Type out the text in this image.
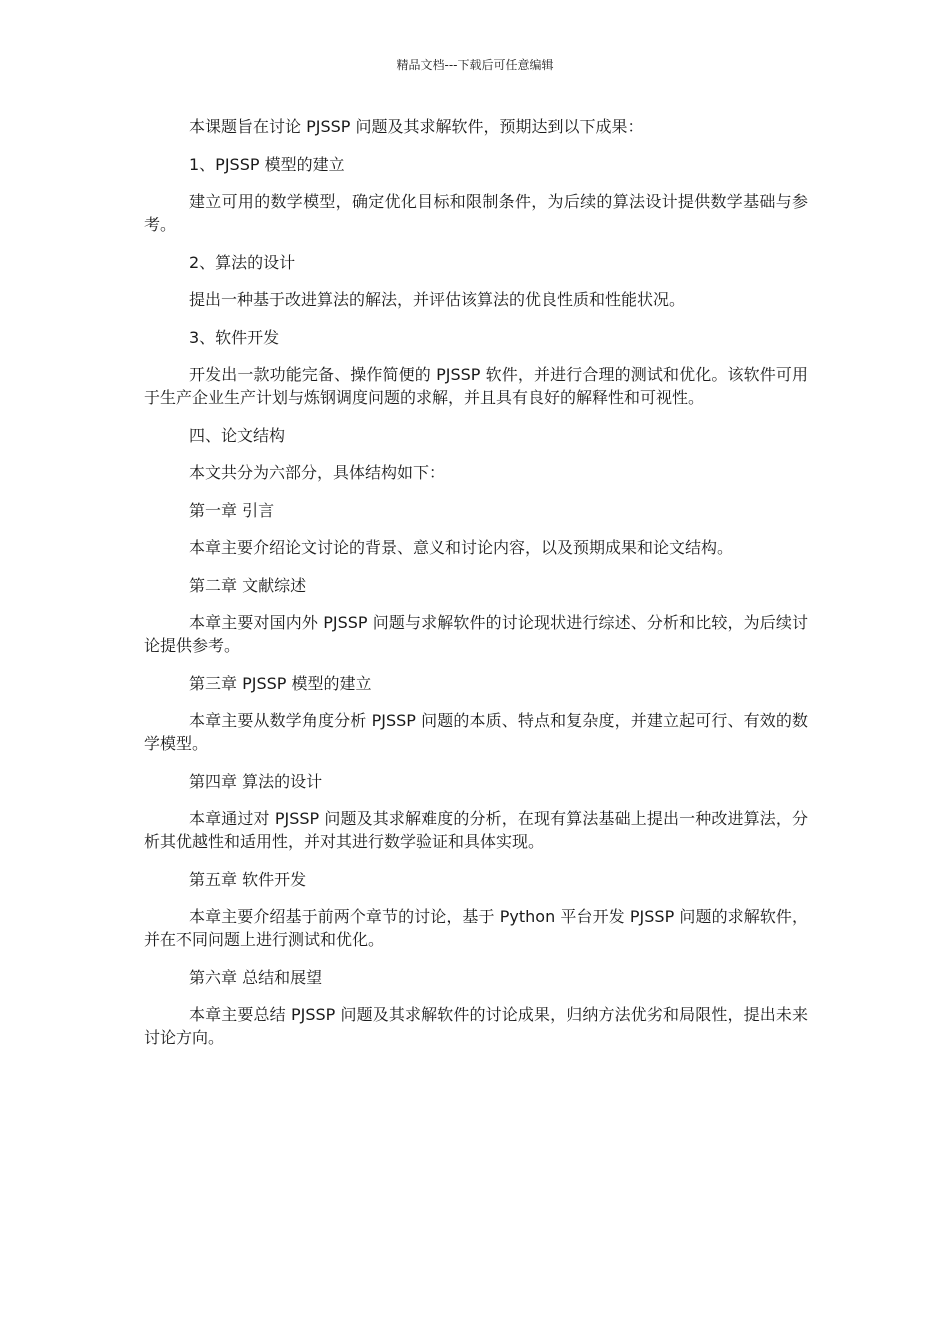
精品文档---下载后可任意编辑

本课题旨在讨论 PJSSP 问题及其求解软件，预期达到以下成果：

1、PJSSP 模型的建立

建立可用的数学模型，确定优化目标和限制条件，为后续的算法设计提供数学基础与参考。

2、算法的设计

提出一种基于改进算法的解法，并评估该算法的优良性质和性能状况。

3、软件开发

开发出一款功能完备、操作简便的 PJSSP 软件，并进行合理的测试和优化。该软件可用于生产企业生产计划与炼钢调度问题的求解，并且具有良好的解释性和可视性。

四、论文结构

本文共分为六部分，具体结构如下：

第一章 引言

本章主要介绍论文讨论的背景、意义和讨论内容，以及预期成果和论文结构。

第二章 文献综述

本章主要对国内外 PJSSP 问题与求解软件的讨论现状进行综述、分析和比较，为后续讨论提供参考。

第三章 PJSSP 模型的建立

本章主要从数学角度分析 PJSSP 问题的本质、特点和复杂度，并建立起可行、有效的数学模型。

第四章 算法的设计

本章通过对 PJSSP 问题及其求解难度的分析，在现有算法基础上提出一种改进算法，分析其优越性和适用性，并对其进行数学验证和具体实现。

第五章 软件开发

本章主要介绍基于前两个章节的讨论，基于 Python 平台开发 PJSSP 问题的求解软件，并在不同问题上进行测试和优化。

第六章 总结和展望

本章主要总结 PJSSP 问题及其求解软件的讨论成果，归纳方法优劣和局限性，提出未来讨论方向。
